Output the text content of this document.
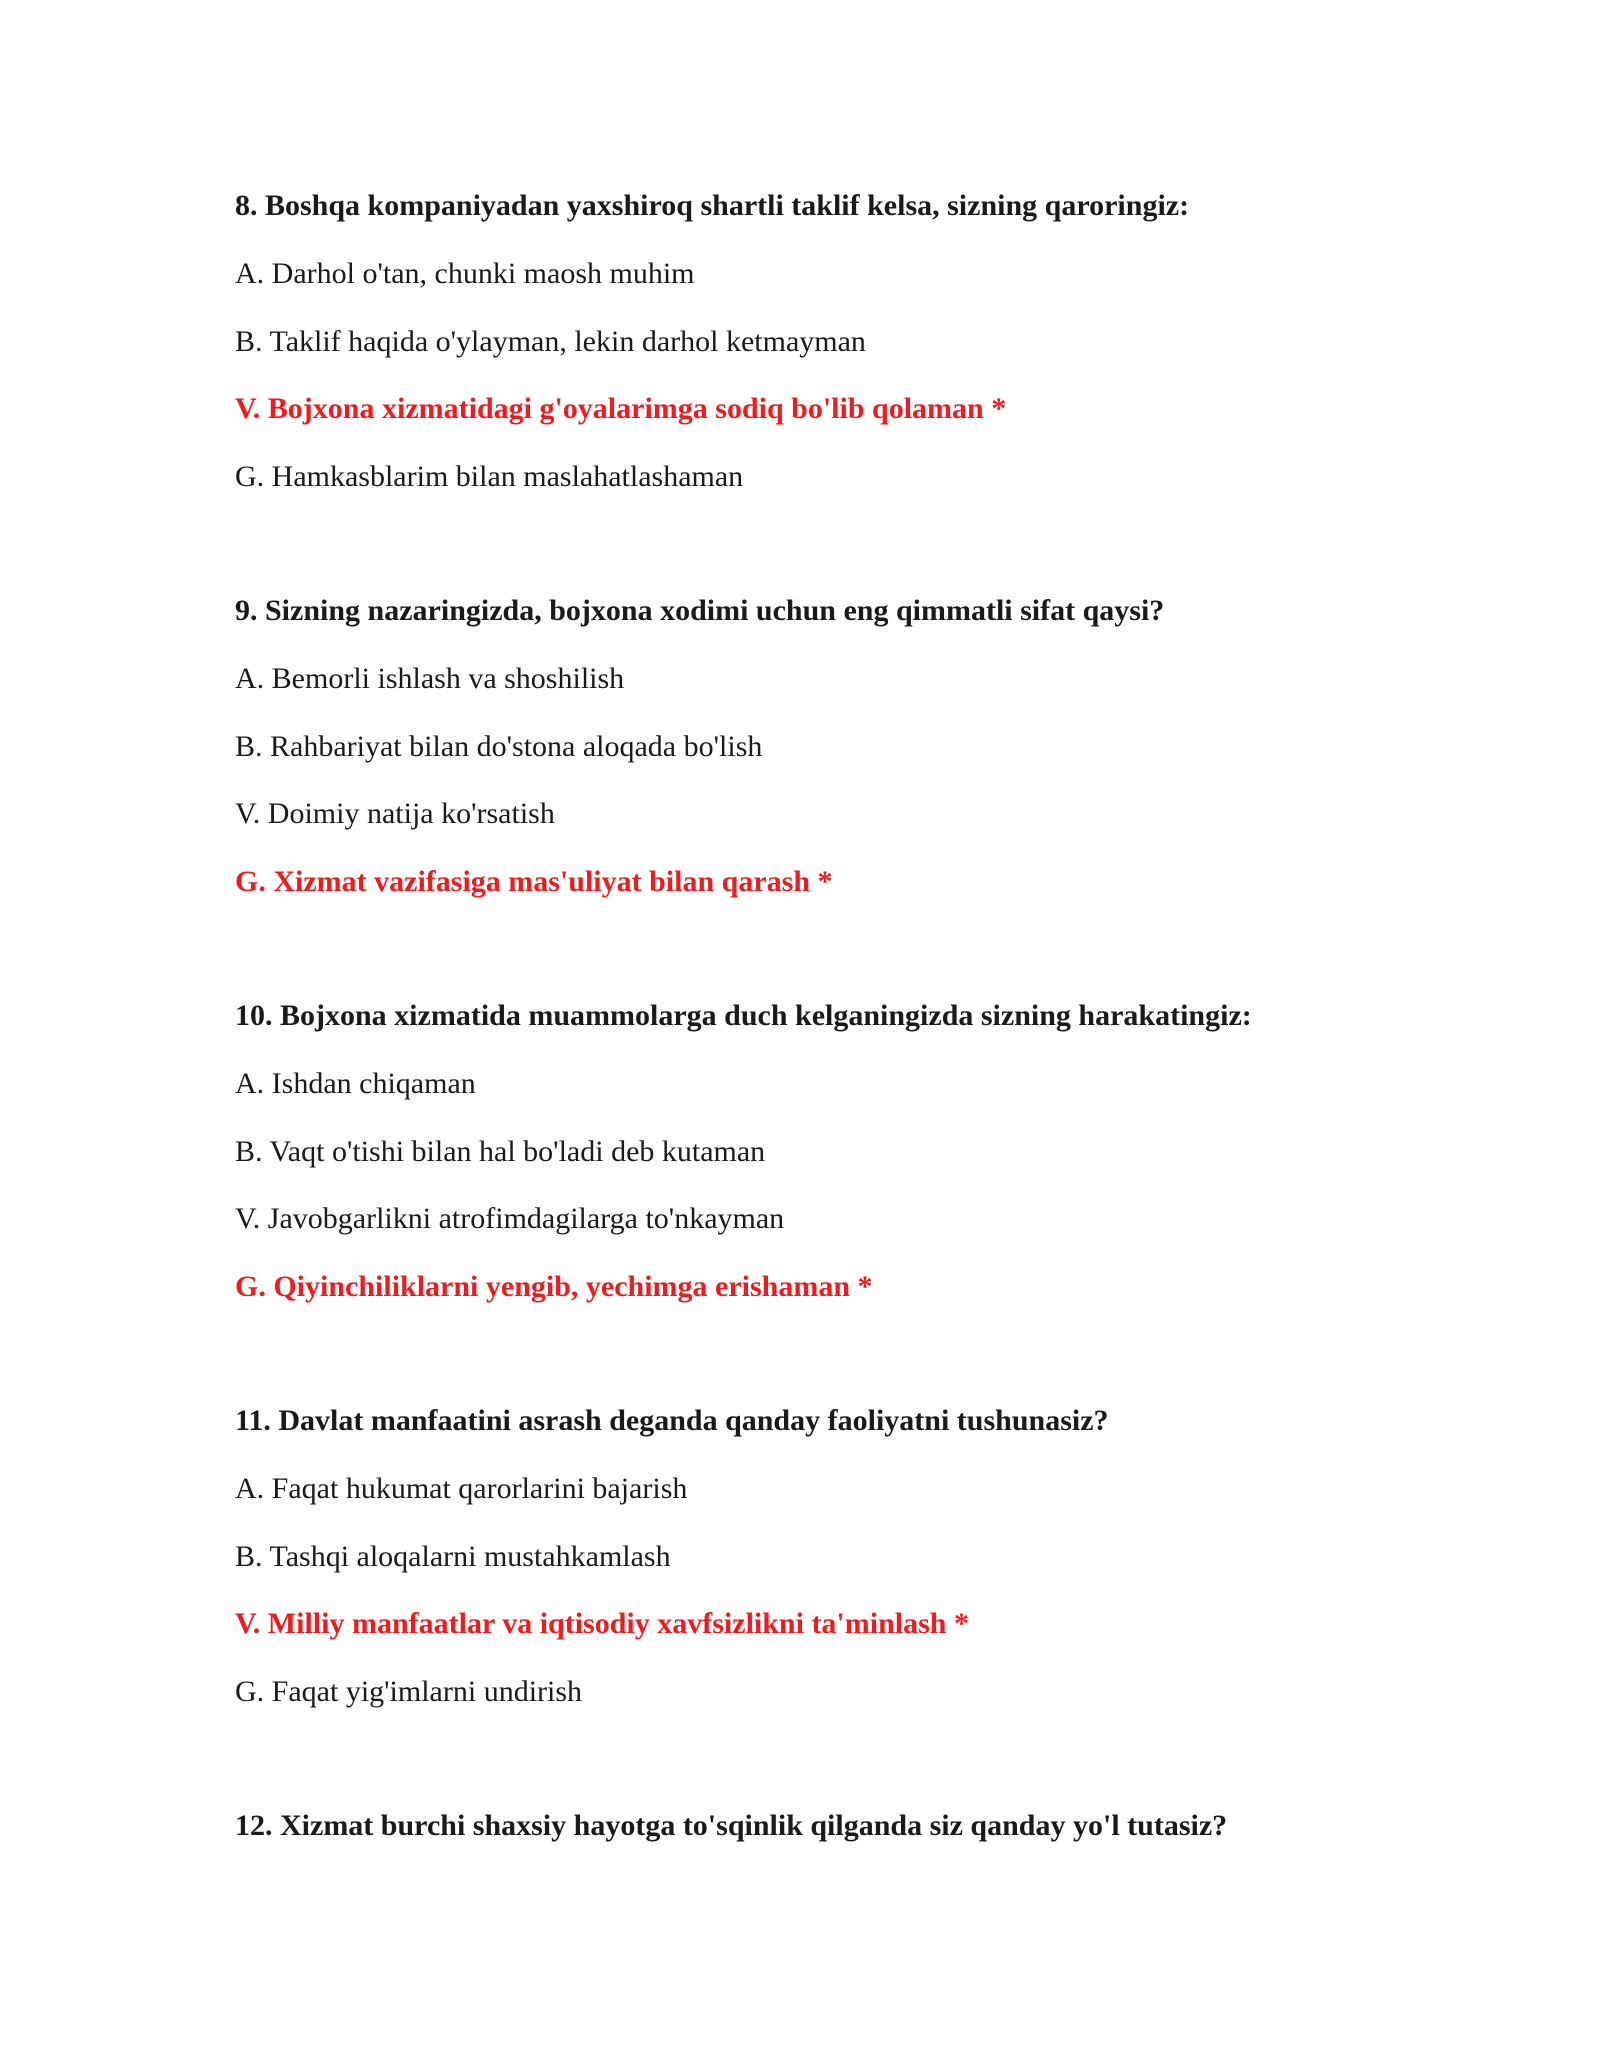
8. Boshqa kompaniyadan yaxshiroq shartli taklif kelsa, sizning qaroringiz:
A. Darhol o'tan, chunki maosh muhim
B. Taklif haqida o'ylayman, lekin darhol ketmayman
V. Bojxona xizmatidagi g'oyalarimga sodiq bo'lib qolaman *
G. Hamkasblarim bilan maslahatlashaman
9. Sizning nazaringizda, bojxona xodimi uchun eng qimmatli sifat qaysi?
A. Bemorli ishlash va shoshilish
B. Rahbariyat bilan do'stona aloqada bo'lish
V. Doimiy natija ko'rsatish
G. Xizmat vazifasiga mas'uliyat bilan qarash *
10. Bojxona xizmatida muammolarga duch kelganingizda sizning harakatingiz:
A. Ishdan chiqaman
B. Vaqt o'tishi bilan hal bo'ladi deb kutaman
V. Javobgarlikni atrofimdagilarga to'nkayman
G. Qiyinchiliklarni yengib, yechimga erishaman *
11. Davlat manfaatini asrash deganda qanday faoliyatni tushunasiz?
A. Faqat hukumat qarorlarini bajarish
B. Tashqi aloqalarni mustahkamlash
V. Milliy manfaatlar va iqtisodiy xavfsizlikni ta'minlash *
G. Faqat yig'imlarni undirish
12. Xizmat burchi shaxsiy hayotga to'sqinlik qilganda siz qanday yo'l tutasiz?
